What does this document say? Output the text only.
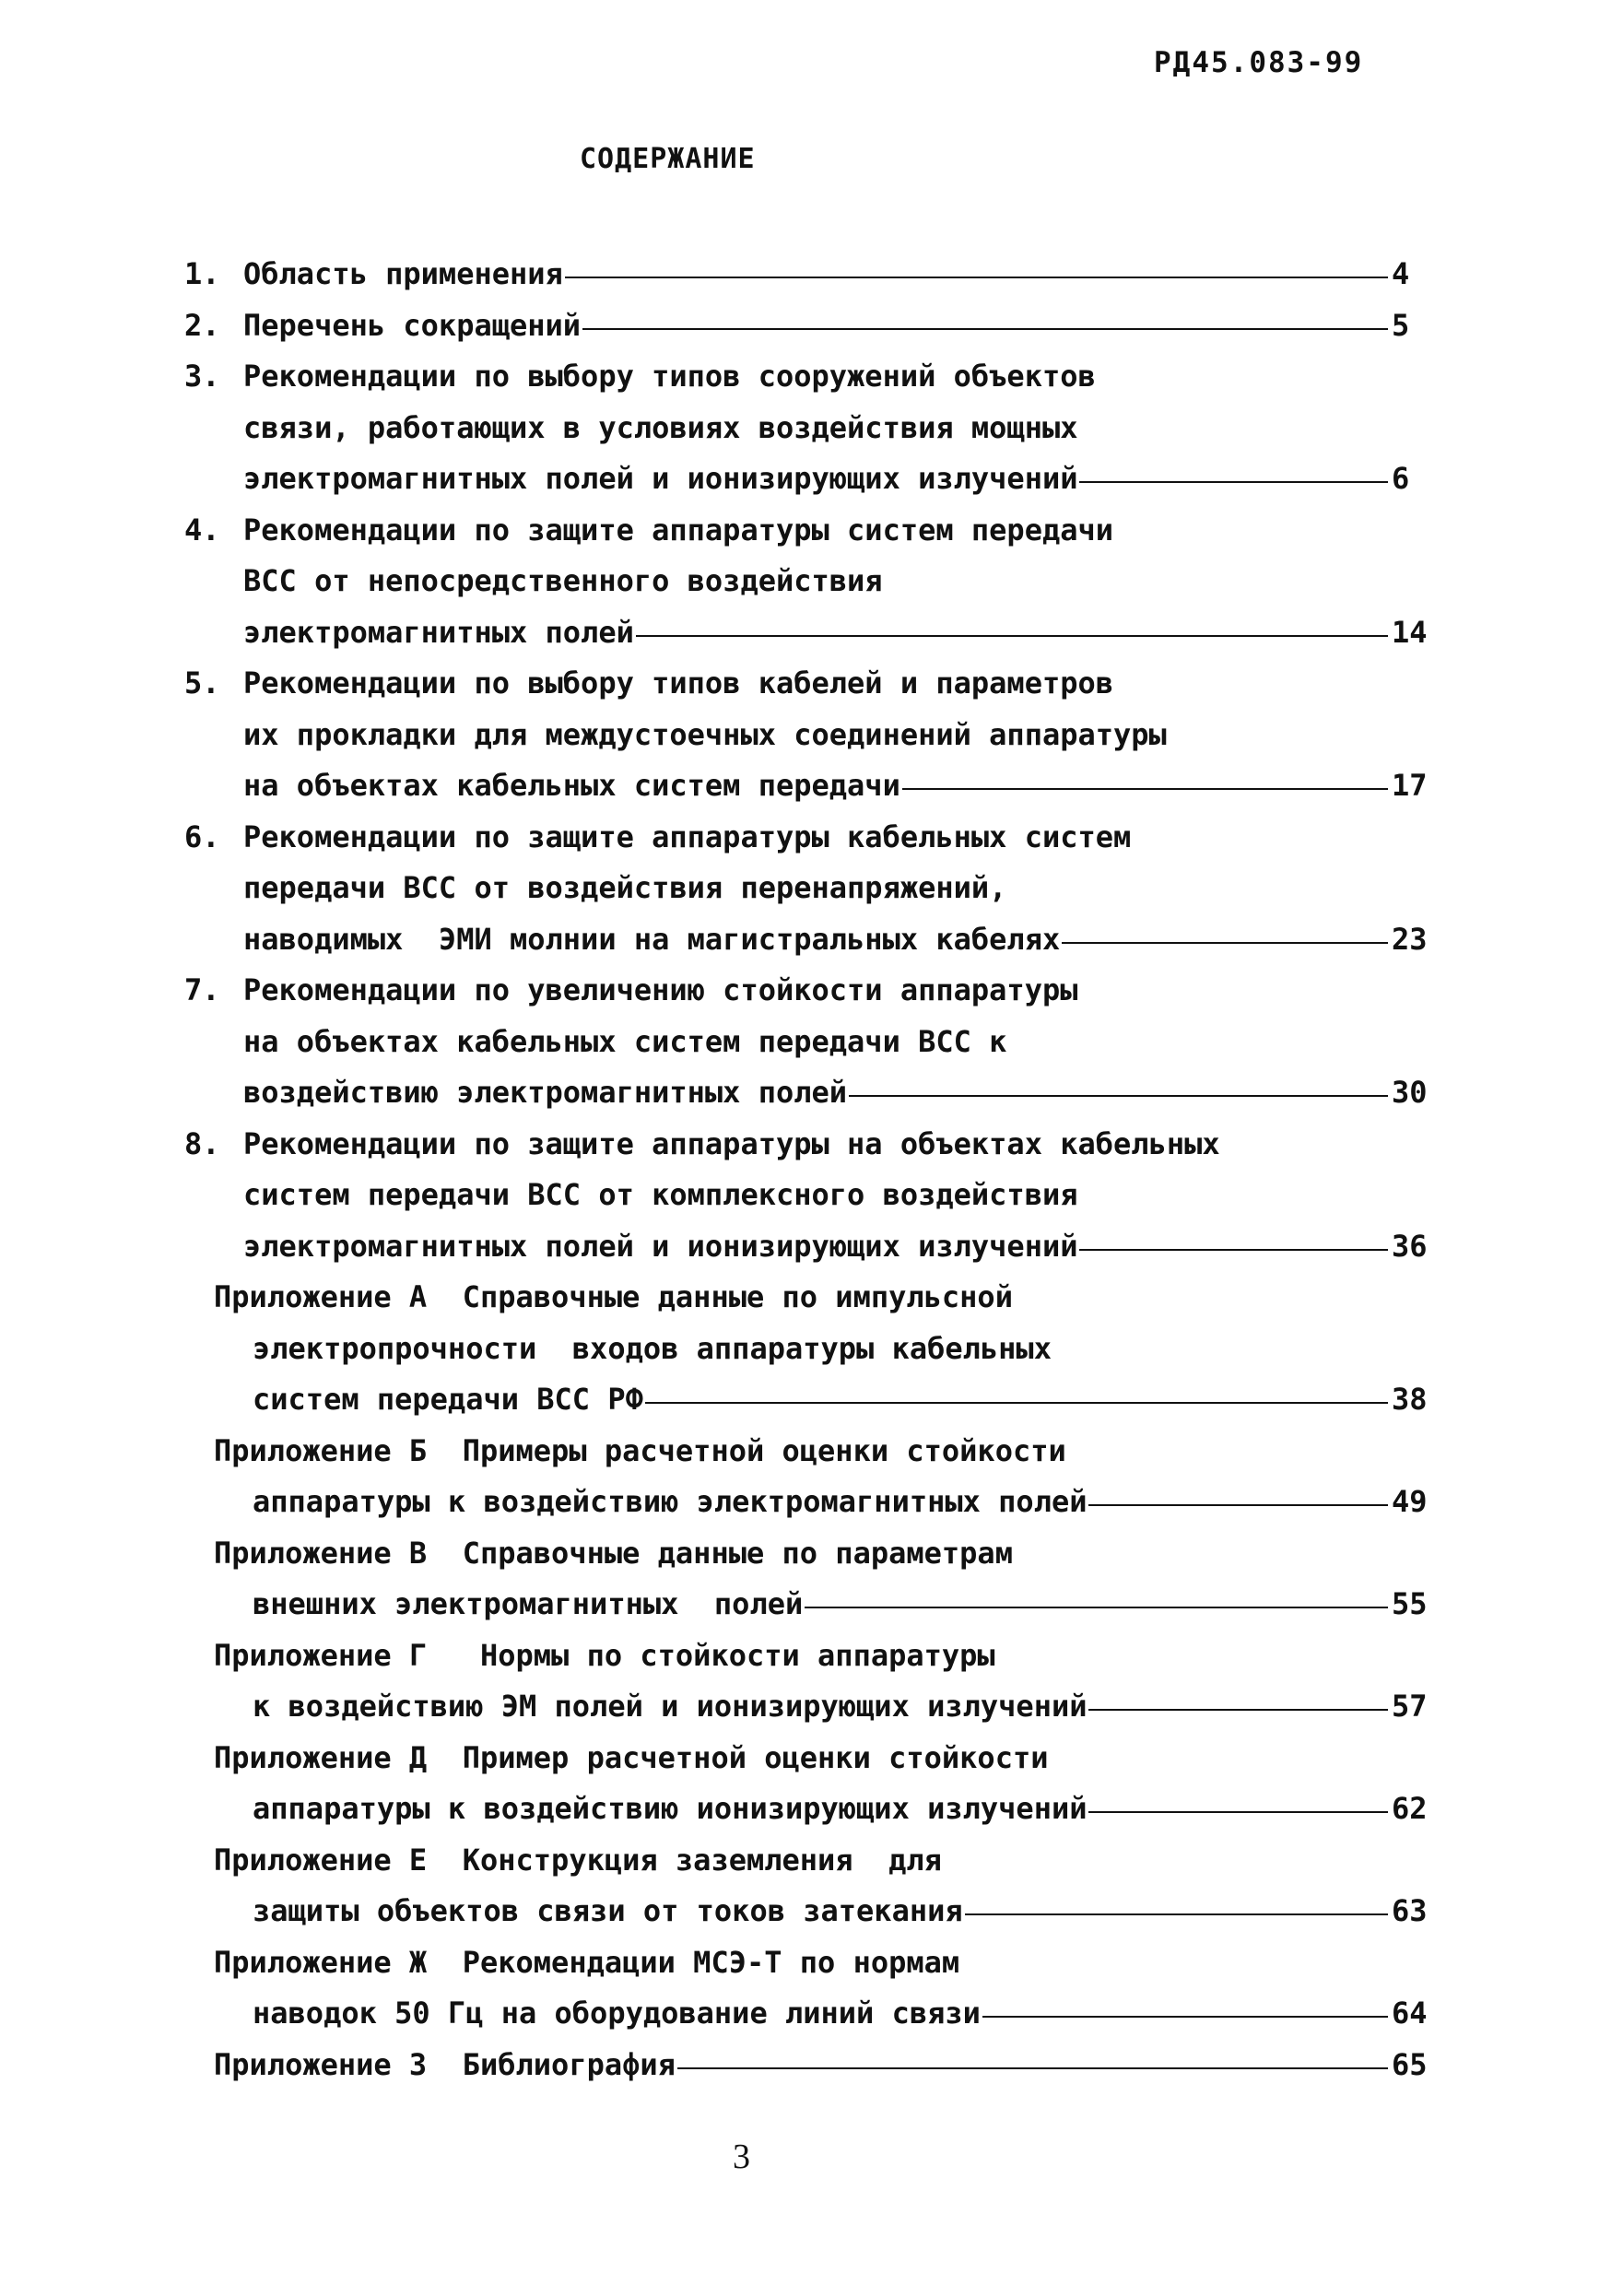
РД45.083-99
СОДЕРЖАНИЕ
1. Область применения	4
2. Перечень сокращений	5
3. Рекомендации по выбору типов сооружений объектов
связи, работающих в условиях воздействия мощных
электромагнитных полей и ионизирующих излучений	6
4. Рекомендации по защите аппаратуры систем передачи
ВСС от непосредственного воздействия
электромагнитных полей	14
5. Рекомендации по выбору типов кабелей и параметров
их прокладки для междустоечных соединений аппаратуры
на объектах кабельных систем передачи	17
6. Рекомендации по защите аппаратуры кабельных систем
передачи ВСС от воздействия перенапряжений,
наводимых  ЭМИ молнии на магистральных кабелях	23
7. Рекомендации по увеличению стойкости аппаратуры
на объектах кабельных систем передачи ВСС к
воздействию электромагнитных полей	30
8. Рекомендации по защите аппаратуры на объектах кабельных
систем передачи ВСС от комплексного воздействия
электромагнитных полей и ионизирующих излучений	36
Приложение А  Справочные данные по импульсной
электропрочности  входов аппаратуры кабельных
систем передачи ВСС РФ	38
Приложение Б  Примеры расчетной оценки стойкости
аппаратуры к воздействию электромагнитных полей	49
Приложение В  Справочные данные по параметрам
внешних электромагнитных  полей	55
Приложение Г   Нормы по стойкости аппаратуры
к воздействию ЭМ полей и ионизирующих излучений	57
Приложение Д  Пример расчетной оценки стойкости
аппаратуры к воздействию ионизирующих излучений	62
Приложение Е  Конструкция заземления  для
защиты объектов связи от токов затекания	63
Приложение Ж  Рекомендации МСЭ-Т по нормам
наводок 50 Гц на оборудование линий связи	64
Приложение З  Библиография	65
3
